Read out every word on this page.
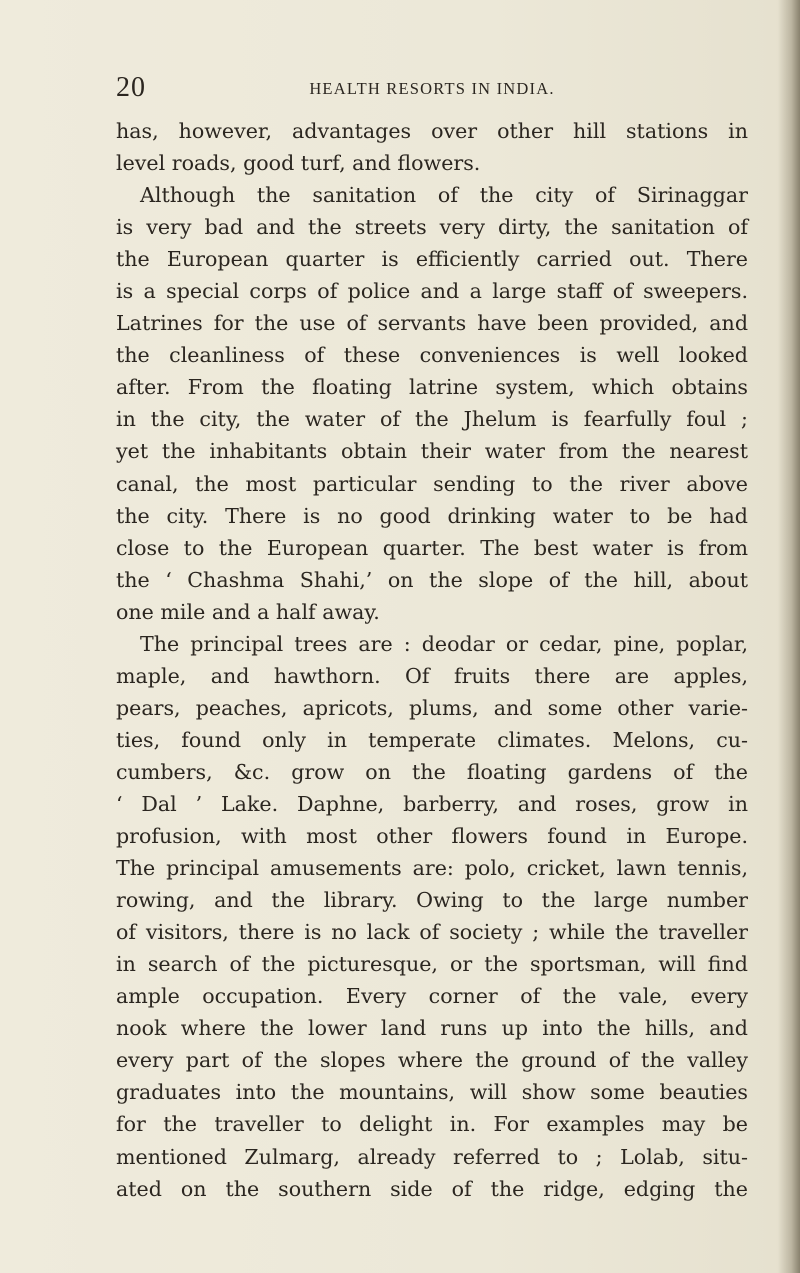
20	HEALTH RESORTS IN INDIA.
has, however, advantages over other hill stations in
level roads, good turf, and flowers.
Although the sanitation of the city of Sirinaggar
is very bad and the streets very dirty, the sanitation of
the European quarter is efficiently carried out. There
is a special corps of police and a large staff of sweepers.
Latrines for the use of servants have been provided, and
the cleanliness of these conveniences is well looked
after. From the floating latrine system, which obtains
in the city, the water of the Jhelum is fearfully foul ;
yet the inhabitants obtain their water from the nearest
canal, the most particular sending to the river above
the city. There is no good drinking water to be had
close to the European quarter. The best water is from
the ‘ Chashma Shahi,’ on the slope of the hill, about
one mile and a half away.
The principal trees are : deodar or cedar, pine, poplar,
maple, and hawthorn. Of fruits there are apples,
pears, peaches, apricots, plums, and some other varie-
ties, found only in temperate climates. Melons, cu-
cumbers, &c. grow on the floating gardens of the
‘ Dal ’ Lake. Daphne, barberry, and roses, grow in
profusion, with most other flowers found in Europe.
The principal amusements are: polo, cricket, lawn tennis,
rowing, and the library. Owing to the large number
of visitors, there is no lack of society ; while the traveller
in search of the picturesque, or the sportsman, will find
ample occupation. Every corner of the vale, every
nook where the lower land runs up into the hills, and
every part of the slopes where the ground of the valley
graduates into the mountains, will show some beauties
for the traveller to delight in. For examples may be
mentioned Zulmarg, already referred to ; Lolab, situ-
ated on the southern side of the ridge, edging the
